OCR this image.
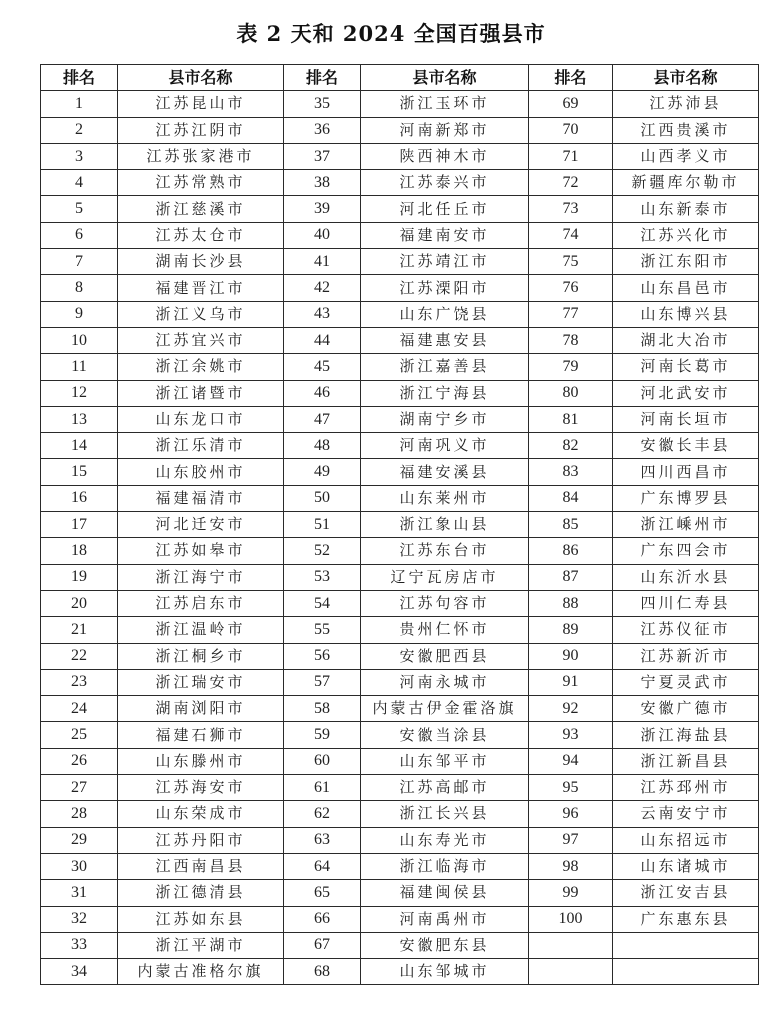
表 2 天和 2024 全国百强县市
排名	县市名称	排名	县市名称	排名	县市名称
1	江苏昆山市	35	浙江玉环市	69	江苏沛县
2	江苏江阴市	36	河南新郑市	70	江西贵溪市
3	江苏张家港市	37	陕西神木市	71	山西孝义市
4	江苏常熟市	38	江苏泰兴市	72	新疆库尔勒市
5	浙江慈溪市	39	河北任丘市	73	山东新泰市
6	江苏太仓市	40	福建南安市	74	江苏兴化市
7	湖南长沙县	41	江苏靖江市	75	浙江东阳市
8	福建晋江市	42	江苏溧阳市	76	山东昌邑市
9	浙江义乌市	43	山东广饶县	77	山东博兴县
10	江苏宜兴市	44	福建惠安县	78	湖北大冶市
11	浙江余姚市	45	浙江嘉善县	79	河南长葛市
12	浙江诸暨市	46	浙江宁海县	80	河北武安市
13	山东龙口市	47	湖南宁乡市	81	河南长垣市
14	浙江乐清市	48	河南巩义市	82	安徽长丰县
15	山东胶州市	49	福建安溪县	83	四川西昌市
16	福建福清市	50	山东莱州市	84	广东博罗县
17	河北迁安市	51	浙江象山县	85	浙江嵊州市
18	江苏如皋市	52	江苏东台市	86	广东四会市
19	浙江海宁市	53	辽宁瓦房店市	87	山东沂水县
20	江苏启东市	54	江苏句容市	88	四川仁寿县
21	浙江温岭市	55	贵州仁怀市	89	江苏仪征市
22	浙江桐乡市	56	安徽肥西县	90	江苏新沂市
23	浙江瑞安市	57	河南永城市	91	宁夏灵武市
24	湖南浏阳市	58	内蒙古伊金霍洛旗	92	安徽广德市
25	福建石狮市	59	安徽当涂县	93	浙江海盐县
26	山东滕州市	60	山东邹平市	94	浙江新昌县
27	江苏海安市	61	江苏高邮市	95	江苏邳州市
28	山东荣成市	62	浙江长兴县	96	云南安宁市
29	江苏丹阳市	63	山东寿光市	97	山东招远市
30	江西南昌县	64	浙江临海市	98	山东诸城市
31	浙江德清县	65	福建闽侯县	99	浙江安吉县
32	江苏如东县	66	河南禹州市	100	广东惠东县
33	浙江平湖市	67	安徽肥东县		
34	内蒙古准格尔旗	68	山东邹城市		
